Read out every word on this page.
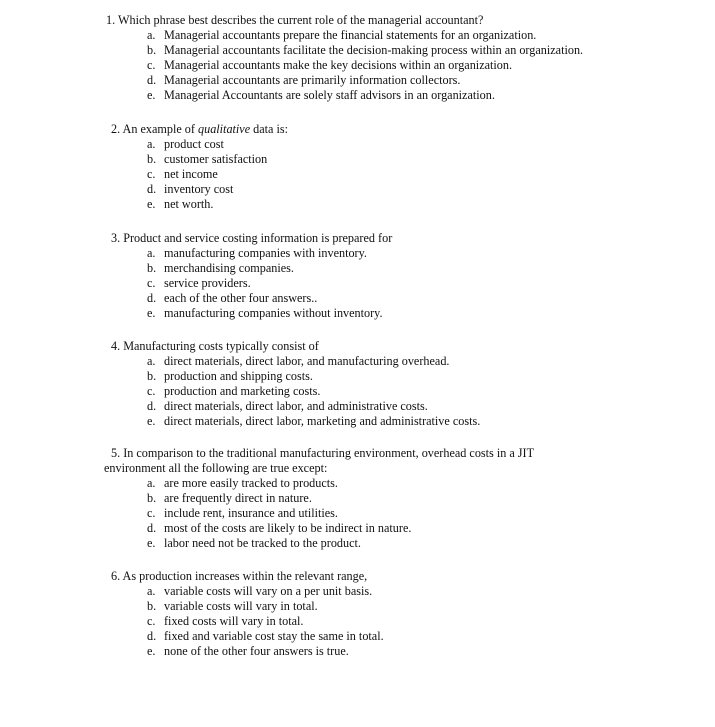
1. Which phrase best describes the current role of the managerial accountant?
a. Managerial accountants prepare the financial statements for an organization.
b. Managerial accountants facilitate the decision-making process within an organization.
c. Managerial accountants make the key decisions within an organization.
d. Managerial accountants are primarily information collectors.
e. Managerial Accountants are solely staff advisors in an organization.
2. An example of qualitative data is:
a. product cost
b. customer satisfaction
c. net income
d. inventory cost
e. net worth.
3. Product and service costing information is prepared for
a. manufacturing companies with inventory.
b. merchandising companies.
c. service providers.
d. each of the other four answers..
e. manufacturing companies without inventory.
4. Manufacturing costs typically consist of
a. direct materials, direct labor, and manufacturing overhead.
b. production and shipping costs.
c. production and marketing costs.
d. direct materials, direct labor, and administrative costs.
e. direct materials, direct labor, marketing and administrative costs.
5. In comparison to the traditional manufacturing environment, overhead costs in a JIT
environment all the following are true except:
a. are more easily tracked to products.
b. are frequently direct in nature.
c. include rent, insurance and utilities.
d. most of the costs are likely to be indirect in nature.
e. labor need not be tracked to the product.
6. As production increases within the relevant range,
a. variable costs will vary on a per unit basis.
b. variable costs will vary in total.
c. fixed costs will vary in total.
d. fixed and variable cost stay the same in total.
e. none of the other four answers is true.
